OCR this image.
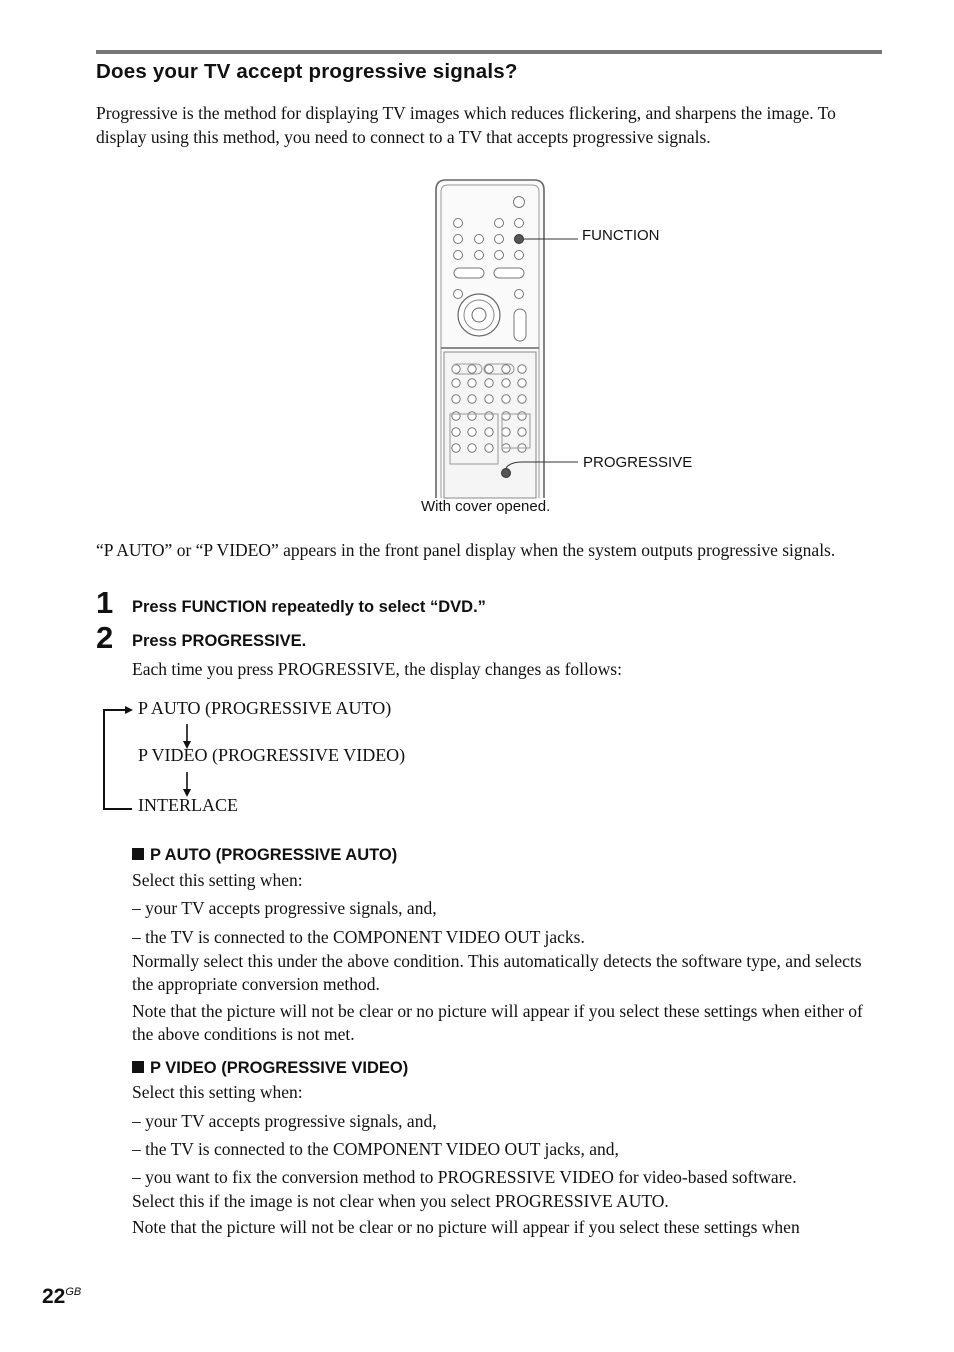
Does your TV accept progressive signals?
Progressive is the method for displaying TV images which reduces flickering, and sharpens the image. To display using this method, you need to connect to a TV that accepts progressive signals.
FUNCTION
PROGRESSIVE
With cover opened.
“P AUTO” or “P VIDEO” appears in the front panel display when the system outputs progressive signals.
1 Press FUNCTION repeatedly to select “DVD.”
2 Press PROGRESSIVE.
Each time you press PROGRESSIVE, the display changes as follows:
P AUTO (PROGRESSIVE AUTO)
P VIDEO (PROGRESSIVE VIDEO)
INTERLACE
P AUTO (PROGRESSIVE AUTO)
Select this setting when:
– your TV accepts progressive signals, and,
– the TV is connected to the COMPONENT VIDEO OUT jacks.
Normally select this under the above condition. This automatically detects the software type, and selects the appropriate conversion method.
Note that the picture will not be clear or no picture will appear if you select these settings when either of the above conditions is not met.
P VIDEO (PROGRESSIVE VIDEO)
Select this setting when:
– your TV accepts progressive signals, and,
– the TV is connected to the COMPONENT VIDEO OUT jacks, and,
– you want to fix the conversion method to PROGRESSIVE VIDEO for video-based software.
Select this if the image is not clear when you select PROGRESSIVE AUTO.
Note that the picture will not be clear or no picture will appear if you select these settings when
$22^{GB}$
